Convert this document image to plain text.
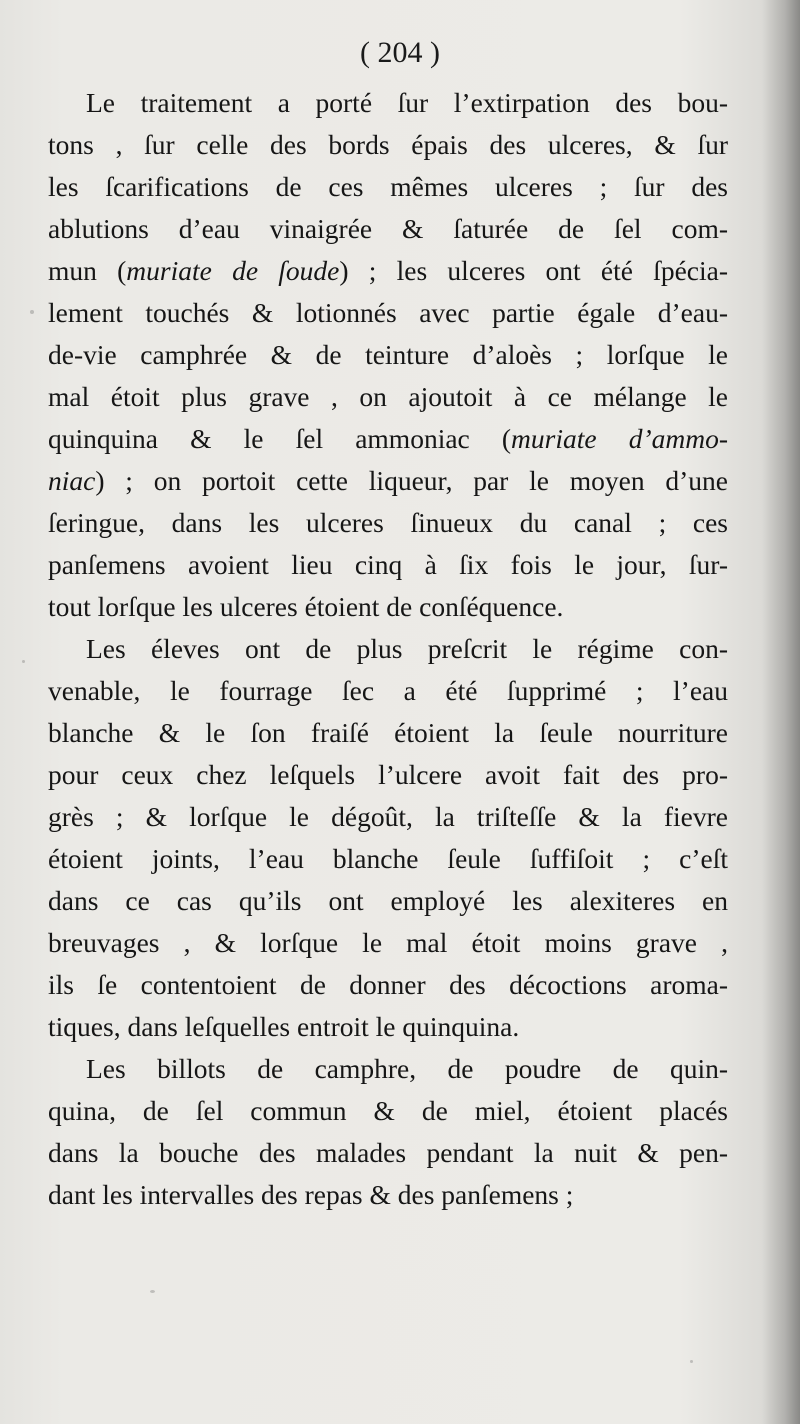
( 204 )

Le traitement a porté ſur l’extirpation des bou-
tons , ſur celle des bords épais des ulceres, & ſur
les ſcarifications de ces mêmes ulceres ; ſur des
ablutions d’eau vinaigrée & ſaturée de ſel com-
mun (muriate de ſoude) ; les ulceres ont été ſpécia-
lement touchés & lotionnés avec partie égale d’eau-
de-vie camphrée & de teinture d’aloès ; lorſque le
mal étoit plus grave , on ajoutoit à ce mélange le
quinquina & le ſel ammoniac (muriate d’ammo-
niac) ; on portoit cette liqueur, par le moyen d’une
ſeringue, dans les ulceres ſinueux du canal ; ces
panſemens avoient lieu cinq à ſix fois le jour, ſur-
tout lorſque les ulceres étoient de conſéquence.

Les éleves ont de plus preſcrit le régime con-
venable, le fourrage ſec a été ſupprimé ; l’eau
blanche & le ſon fraiſé étoient la ſeule nourriture
pour ceux chez leſquels l’ulcere avoit fait des pro-
grès ; & lorſque le dégoût, la triſteſſe & la fievre
étoient joints, l’eau blanche ſeule ſuffiſoit ; c’eſt
dans ce cas qu’ils ont employé les alexiteres en
breuvages , & lorſque le mal étoit moins grave ,
ils ſe contentoient de donner des décoctions aroma-
tiques, dans leſquelles entroit le quinquina.

Les billots de camphre, de poudre de quin-
quina, de ſel commun & de miel, étoient placés
dans la bouche des malades pendant la nuit & pen-
dant les intervalles des repas & des panſemens ;
